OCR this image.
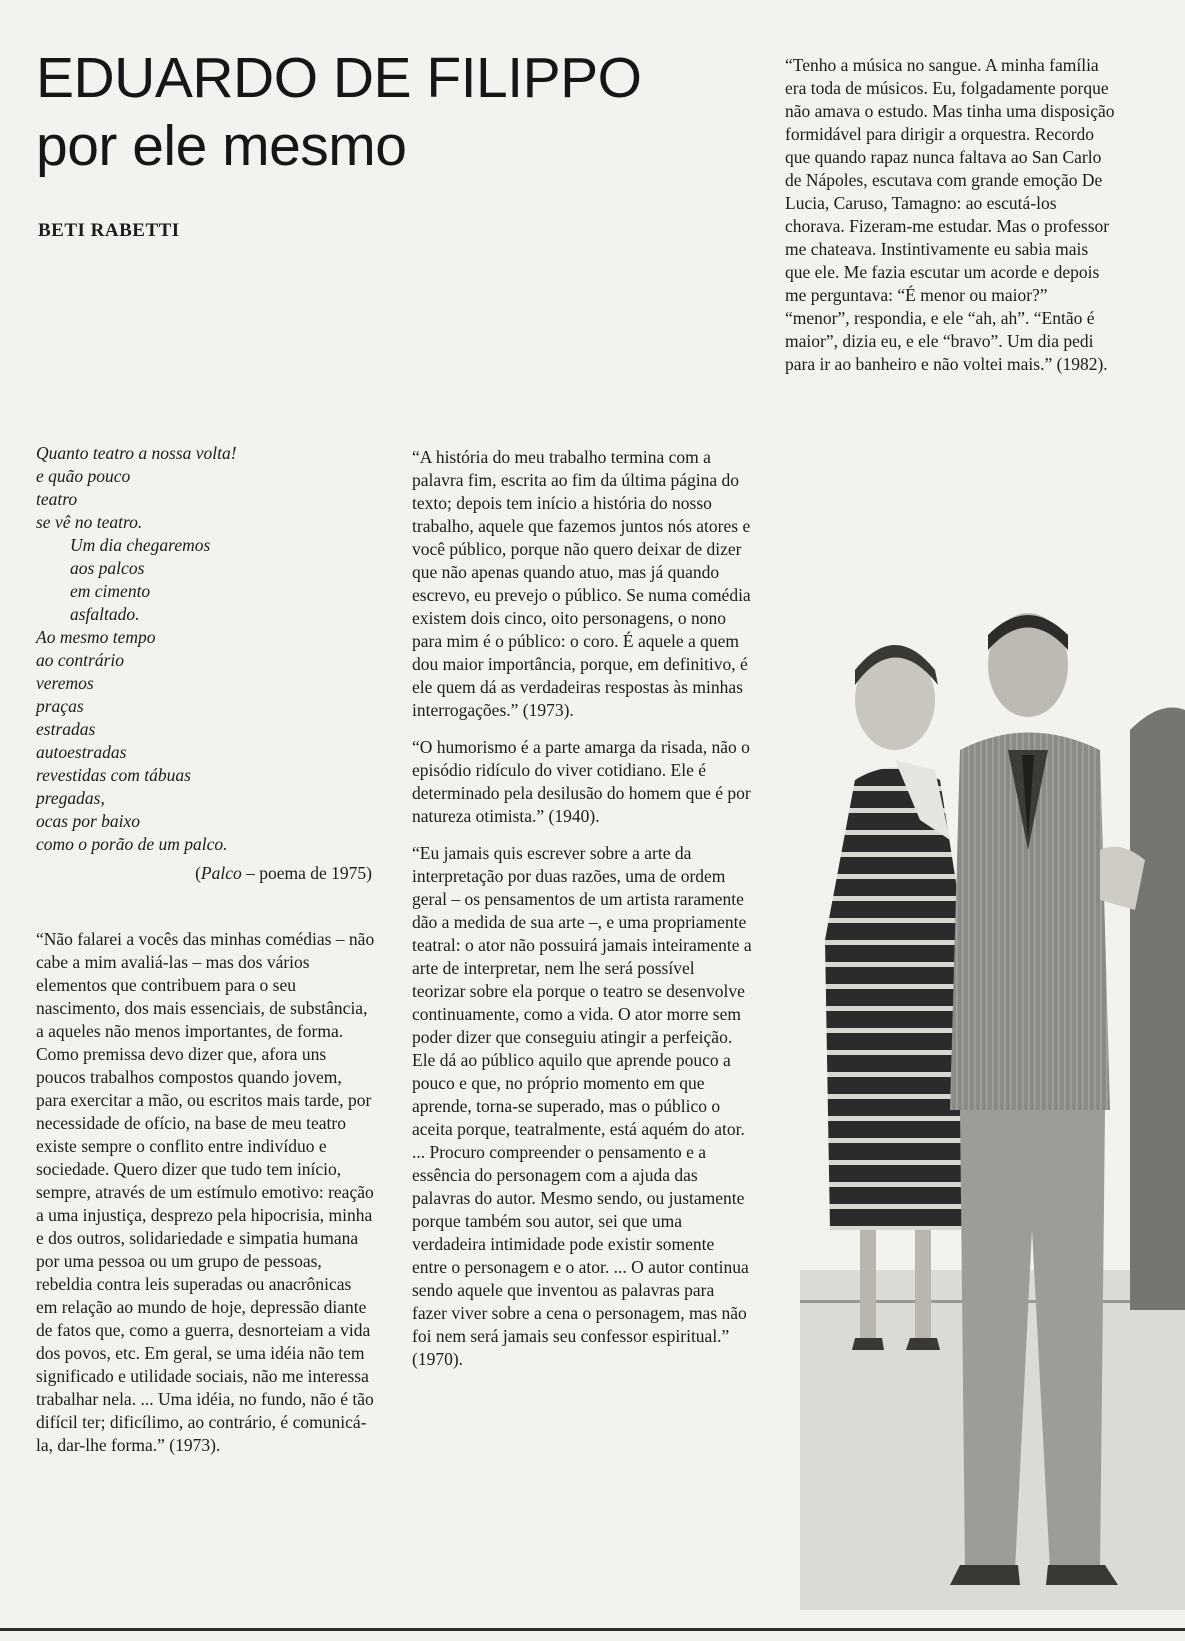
EDUARDO DE FILIPPO
por ele mesmo
BETI RABETTI
Quanto teatro a nossa volta!
e quão pouco
teatro
se vê no teatro.
Um dia chegaremos
aos palcos
em cimento
asfaltado.
Ao mesmo tempo
ao contrário
veremos
praças
estradas
autoestradas
revestidas com tábuas
pregadas,
ocas por baixo
como o porão de um palco.
(Palco – poema de 1975)

“Não falarei a vocês das minhas comédias – não cabe a mim avaliá-las – mas dos vários elementos que contribuem para o seu nascimento, dos mais essenciais, de substância, a aqueles não menos importantes, de forma. Como premissa devo dizer que, afora uns poucos trabalhos compostos quando jovem, para exercitar a mão, ou escritos mais tarde, por necessidade de ofício, na base de meu teatro existe sempre o conflito entre indivíduo e sociedade. Quero dizer que tudo tem início, sempre, através de um estímulo emotivo: reação a uma injustiça, desprezo pela hipocrisia, minha e dos outros, solidariedade e simpatia humana por uma pessoa ou um grupo de pessoas, rebeldia contra leis superadas ou anacrônicas em relação ao mundo de hoje, depressão diante de fatos que, como a guerra, desnorteiam a vida dos povos, etc. Em geral, se uma idéia não tem significado e utilidade sociais, não me interessa trabalhar nela. ... Uma idéia, no fundo, não é tão difícil ter; dificílimo, ao contrário, é comunicá-la, dar-lhe forma.” (1973).

“A história do meu trabalho termina com a palavra fim, escrita ao fim da última página do texto; depois tem início a história do nosso trabalho, aquele que fazemos juntos nós atores e você público, porque não quero deixar de dizer que não apenas quando atuo, mas já quando escrevo, eu prevejo o público. Se numa comédia existem dois cinco, oito personagens, o nono para mim é o público: o coro. É aquele a quem dou maior importância, porque, em definitivo, é ele quem dá as verdadeiras respostas às minhas interrogações.” (1973).

“O humorismo é a parte amarga da risada, não o episódio ridículo do viver cotidiano. Ele é determinado pela desilusão do homem que é por natureza otimista.” (1940).

“Eu jamais quis escrever sobre a arte da interpretação por duas razões, uma de ordem geral – os pensamentos de um artista raramente dão a medida de sua arte –, e uma propriamente teatral: o ator não possuirá jamais inteiramente a arte de interpretar, nem lhe será possível teorizar sobre ela porque o teatro se desenvolve continuamente, como a vida. O ator morre sem poder dizer que conseguiu atingir a perfeição. Ele dá ao público aquilo que aprende pouco a pouco e que, no próprio momento em que aprende, torna-se superado, mas o público o aceita porque, teatralmente, está aquém do ator. ... Procuro compreender o pensamento e a essência do personagem com a ajuda das palavras do autor. Mesmo sendo, ou justamente porque também sou autor, sei que uma verdadeira intimidade pode existir somente entre o personagem e o ator. ... O autor continua sendo aquele que inventou as palavras para fazer viver sobre a cena o personagem, mas não foi nem será jamais seu confessor espiritual.” (1970).

“Tenho a música no sangue. A minha família era toda de músicos. Eu, folgadamente porque não amava o estudo. Mas tinha uma disposição formidável para dirigir a orquestra. Recordo que quando rapaz nunca faltava ao San Carlo de Nápoles, escutava com grande emoção De Lucia, Caruso, Tamagno: ao escutá-los chorava. Fizeram-me estudar. Mas o professor me chateava. Instintivamente eu sabia mais que ele. Me fazia escutar um acorde e depois me perguntava: “É menor ou maior?” “menor”, respondia, e ele “ah, ah”. “Então é maior”, dizia eu, e ele “bravo”. Um dia pedi para ir ao banheiro e não voltei mais.” (1982).
